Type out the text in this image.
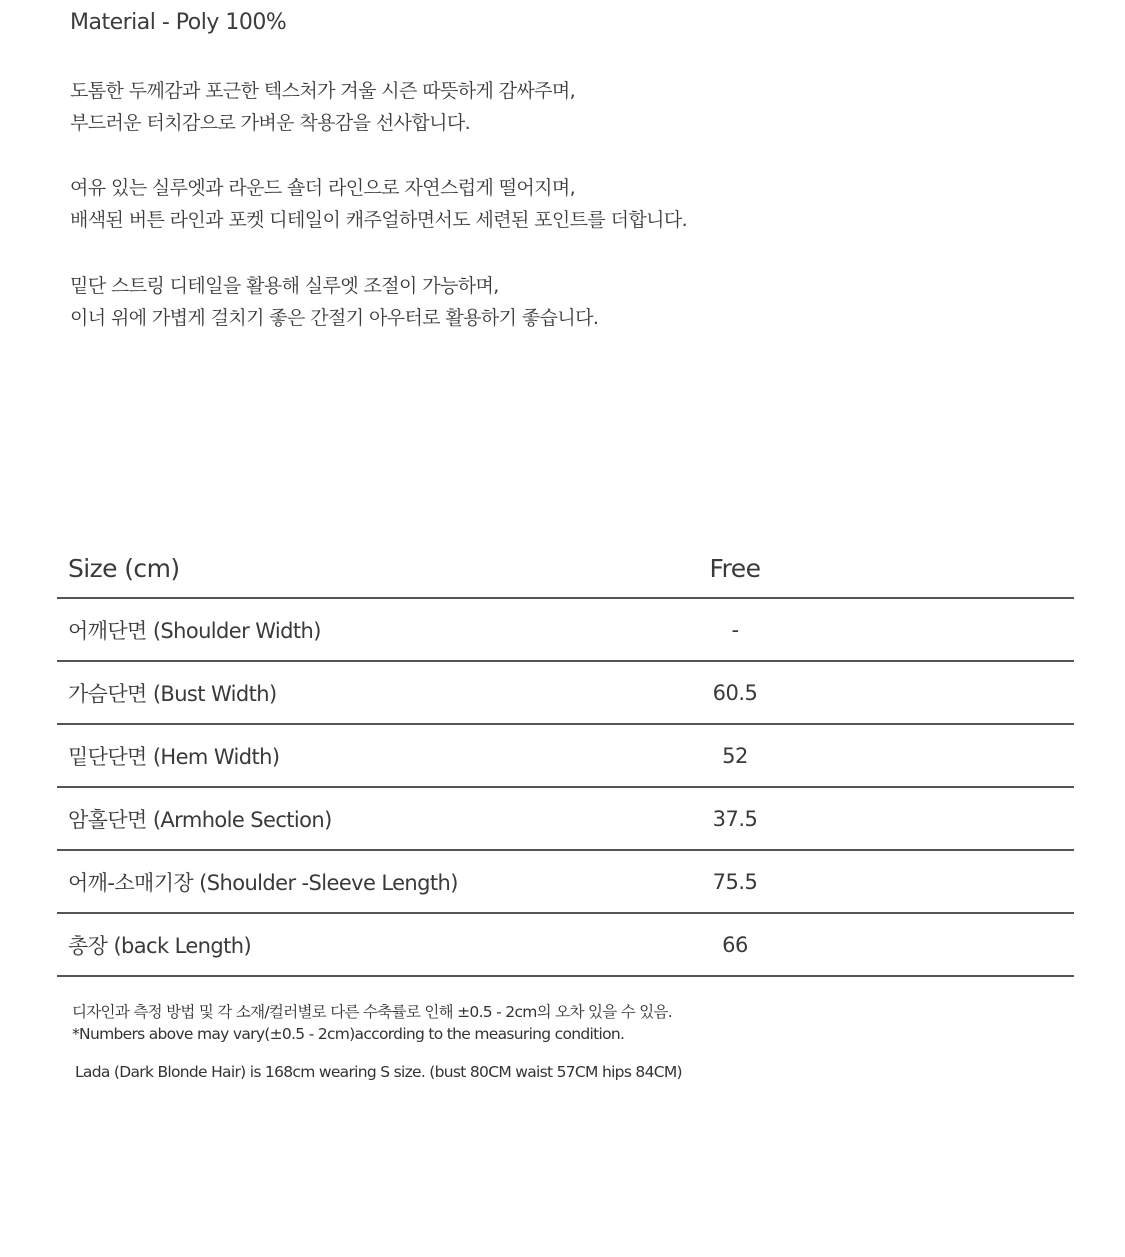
Material - Poly 100%

도톰한 두께감과 포근한 텍스처가 겨울 시즌 따뜻하게 감싸주며,

부드러운 터치감으로 가벼운 착용감을 선사합니다.

여유 있는 실루엣과 라운드 숄더 라인으로 자연스럽게 떨어지며,

배색된 버튼 라인과 포켓 디테일이 캐주얼하면서도 세련된 포인트를 더합니다.

밑단 스트링 디테일을 활용해 실루엣 조절이 가능하며,

이너 위에 가볍게 걸치기 좋은 간절기 아우터로 활용하기 좋습니다.

Size (cm)	Free
어깨단면 (Shoulder Width)	-
가슴단면 (Bust Width)	60.5
밑단단면 (Hem Width)	52
암홀단면 (Armhole Section)	37.5
어깨-소매기장 (Shoulder -Sleeve Length)	75.5
총장 (back Length)	66

디자인과 측정 방법 및 각 소재/컬러별로 다른 수축률로 인해 ±0.5 - 2cm의 오차 있을 수 있음.

*Numbers above may vary(±0.5 - 2cm)according to the measuring condition.

Lada (Dark Blonde Hair) is 168cm wearing S size. (bust 80CM waist 57CM hips 84CM)
